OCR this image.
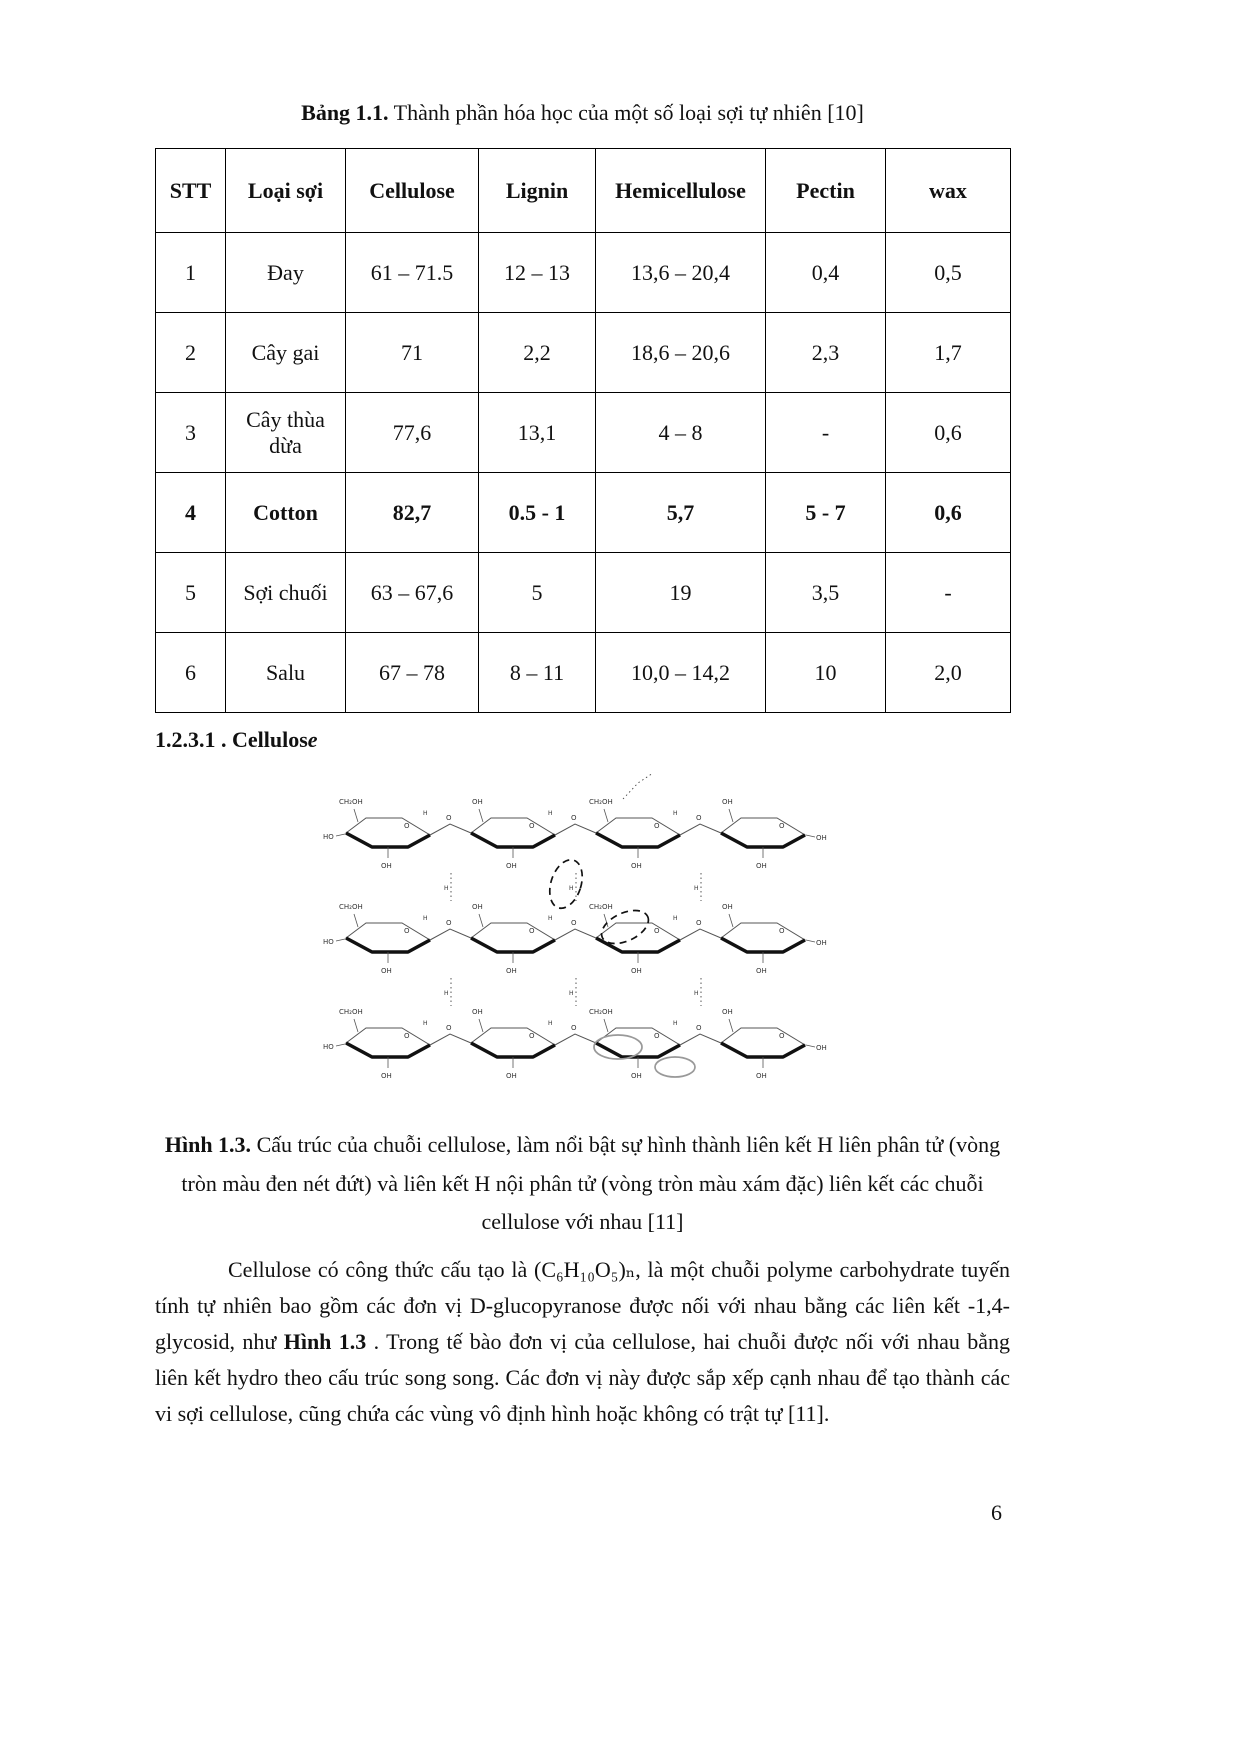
Bảng 1.1. Thành phần hóa học của một số loại sợi tự nhiên [10]
STT	Loại sợi	Cellulose	Lignin	Hemicellulose	Pectin	wax
1	Đay	61 – 71.5	12 – 13	13,6 – 20,4	0,4	0,5
2	Cây gai	71	2,2	18,6 – 20,6	2,3	1,7
3	Cây thùa dừa	77,6	13,1	4 – 8	-	0,6
4	Cotton	82,7	0.5 - 1	5,7	5 - 7	0,6
5	Sợi chuối	63 – 67,6	5	19	3,5	-
6	Salu	67 – 78	8 – 11	10,0 – 14,2	10	2,0
1.2.3.1 . Cellulose
O
O	O	O
HO	OH
CH₂OH	OH	CH₂OH	OH
OH	OH	OH	OH
H	H	H
H	H	H
H	H	H
Hình 1.3. Cấu trúc của chuỗi cellulose, làm nổi bật sự hình thành liên kết H liên phân tử (vòng tròn màu đen nét đứt) và liên kết H nội phân tử (vòng tròn màu xám đặc) liên kết các chuỗi cellulose với nhau [11]

Cellulose có công thức cấu tạo là (C₆H₁₀O₅)ₙ, là một chuỗi polyme carbohydrate tuyến tính tự nhiên bao gồm các đơn vị D-glucopyranose được nối với nhau bằng các liên kết -1,4-glycosid, như Hình 1.3 . Trong tế bào đơn vị của cellulose, hai chuỗi được nối với nhau bằng liên kết hydro theo cấu trúc song song. Các đơn vị này được sắp xếp cạnh nhau để tạo thành các vi sợi cellulose, cũng chứa các vùng vô định hình hoặc không có trật tự [11].

6
